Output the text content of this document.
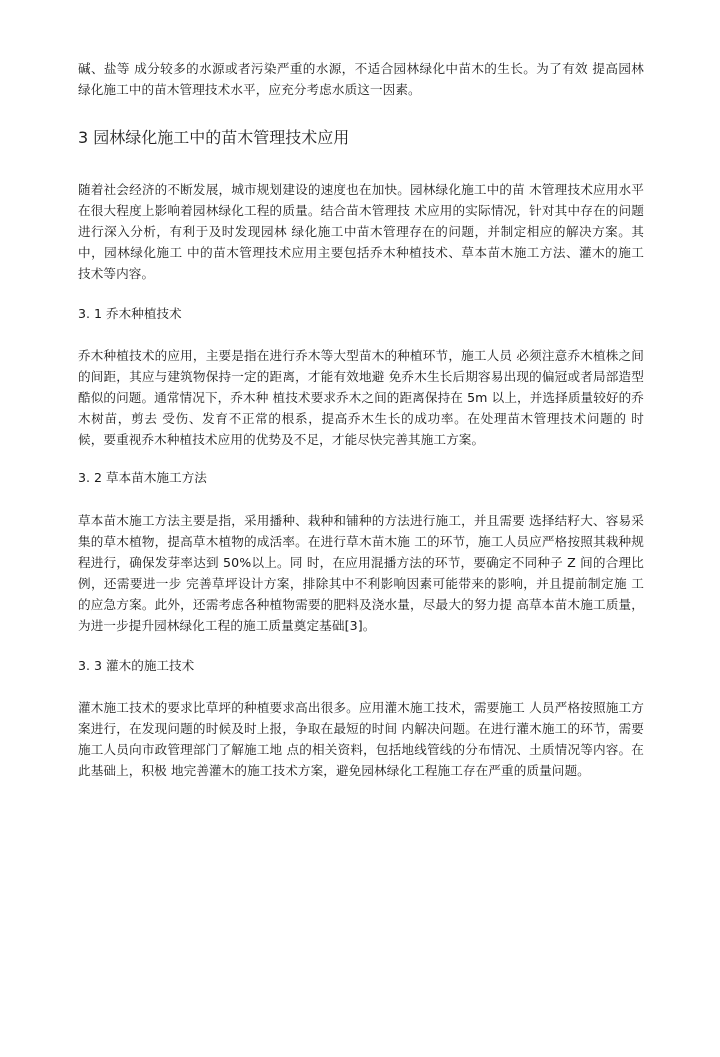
碱、盐等 成分较多的水源或者污染严重的水源，不适合园林绿化中苗木的生长。为了有效 提高园林绿化施工中的苗木管理技术水平，应充分考虑水质这一因素。

3 园林绿化施工中的苗木管理技术应用

随着社会经济的不断发展，城市规划建设的速度也在加快。园林绿化施工中的苗 木管理技术应用水平在很大程度上影响着园林绿化工程的质量。结合苗木管理技 术应用的实际情况，针对其中存在的问题进行深入分析，有利于及时发现园林 绿化施工中苗木管理存在的问题，并制定相应的解决方案。其中，园林绿化施工 中的苗木管理技术应用主要包括乔木种植技术、草本苗木施工方法、灌木的施工 技术等内容。

3. 1 乔木种植技术

乔木种植技术的应用，主要是指在进行乔木等大型苗木的种植环节，施工人员 必须注意乔木植株之间的间距，其应与建筑物保持一定的距离，才能有效地避 免乔木生长后期容易出现的偏冠或者局部造型酷似的问题。通常情况下，乔木种 植技术要求乔木之间的距离保持在 5m 以上，并选择质量较好的乔木树苗，剪去 受伤、发育不正常的根系，提高乔木生长的成功率。在处理苗木管理技术问题的 时候，要重视乔木种植技术应用的优势及不足，才能尽快完善其施工方案。

3. 2 草本苗木施工方法

草本苗木施工方法主要是指，采用播种、栽种和铺种的方法进行施工，并且需要 选择结籽大、容易采集的草木植物，提高草木植物的成活率。在进行草木苗木施 工的环节，施工人员应严格按照其栽种规程进行，确保发芽率达到 50%以上。同 时，在应用混播方法的环节，要确定不同种子 Z 间的合理比例，还需要进一步 完善草坪设计方案，排除其中不利影响因素可能带来的影响，并且提前制定施 工的应急方案。此外，还需考虑各种植物需要的肥料及浇水量，尽最大的努力提 高草本苗木施工质量，为进一步提升园林绿化工程的施工质量奠定基础[3]。

3. 3 灌木的施工技术

灌木施工技术的要求比草坪的种植要求高出很多。应用灌木施工技术，需要施工 人员严格按照施工方案进行，在发现问题的时候及时上报，争取在最短的时间 内解决问题。在进行灌木施工的环节，需要施工人员向市政管理部门了解施工地 点的相关资料，包括地线管线的分布情况、土质情况等内容。在此基础上，积极 地完善灌木的施工技术方案，避免园林绿化工程施工存在严重的质量问题。
